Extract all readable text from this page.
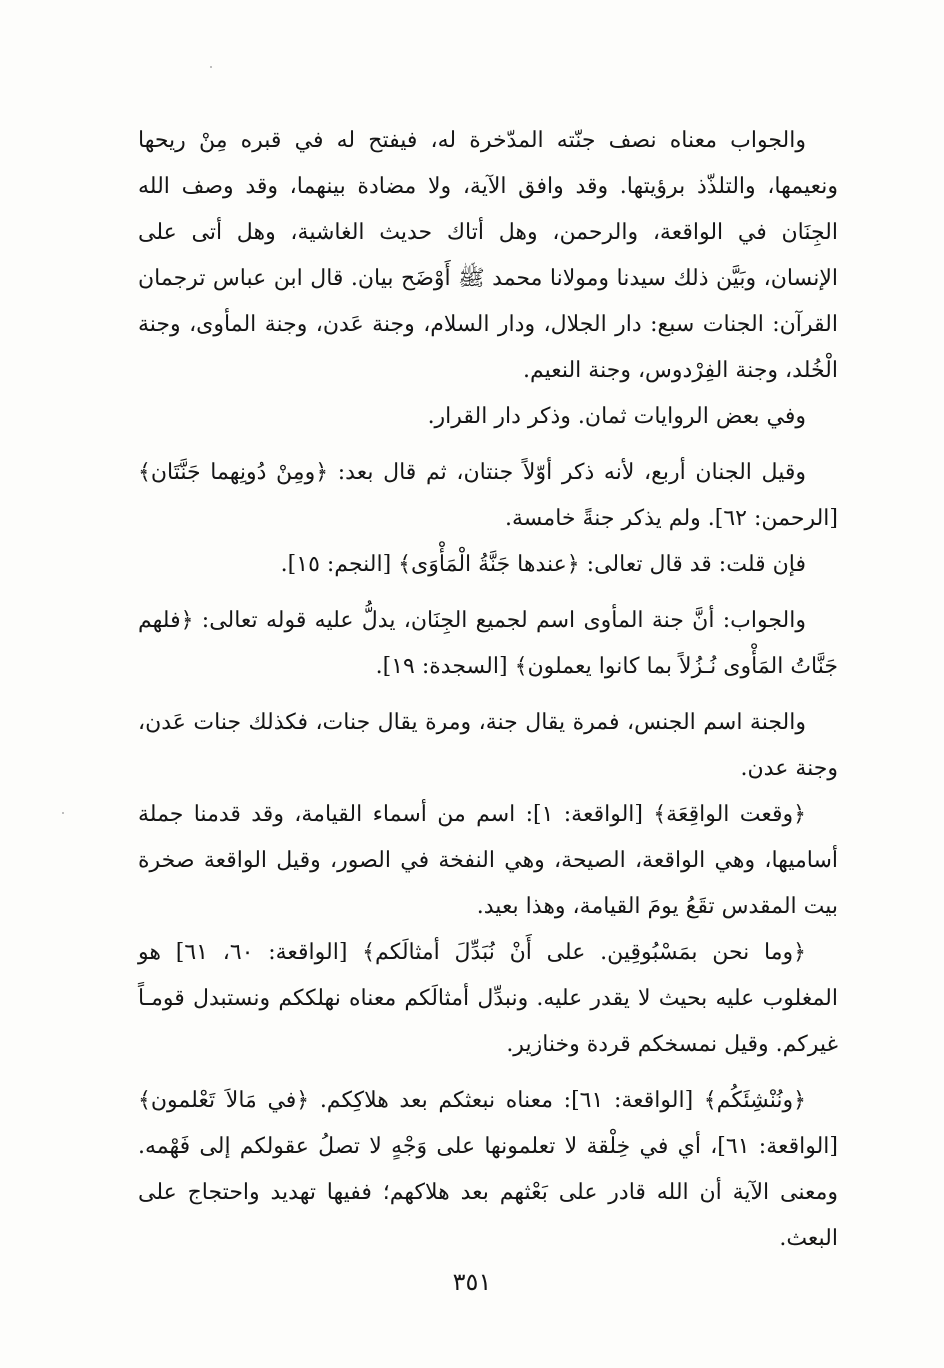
والجواب معناه نصف جنّته المدّخرة له، فيفتح له في قبره مِنْ ريحها ونعيمها، والتلذّذ برؤيتها. وقد وافق الآية، ولا مضادة بينهما، وقد وصف الله الجِنَان في الواقعة، والرحمن، وهل أتاك حديث الغاشية، وهل أتى على الإنسان، وبَيَّن ذلك سيدنا ومولانا محمد ﷺ أَوْضَح بيان. قال ابن عباس ترجمان القرآن: الجنات سبع: دار الجلال، ودار السلام، وجنة عَدن، وجنة المأوى، وجنة الْخُلد، وجنة الفِرْدوس، وجنة النعيم.

وفي بعض الروايات ثمان. وذكر دار القرار.

وقيل الجنان أربع، لأنه ذكر أوّلاً جنتان، ثم قال بعد: ﴿ومِنْ دُونِهما جَنَّتَان﴾ [الرحمن: ٦٢]. ولم يذكر جنةً خامسة.

فإن قلت: قد قال تعالى: ﴿عندها جَنَّةُ الْمَأْوَى﴾ [النجم: ١٥].

والجواب: أنَّ جنة المأوى اسم لجميع الجِنَان، يدلُّ عليه قوله تعالى: ﴿فلهم جَنَّاتُ المَأْوى نُـزُلاً بما كانوا يعملون﴾ [السجدة: ١٩].

والجنة اسم الجنس، فمرة يقال جنة، ومرة يقال جنات، فكذلك جنات عَدن، وجنة عدن.

﴿وقعت الواقِعَة﴾ [الواقعة: ١]: اسم من أسماء القيامة، وقد قدمنا جملة أساميها، وهي الواقعة، الصيحة، وهي النفخة في الصور، وقيل الواقعة صخرة بيت المقدس تقَعُ يومَ القيامة، وهذا بعيد.

﴿وما نحن بمَسْبُوقِين. على أَنْ نُبَدِّلَ أمثالَكم﴾ [الواقعة: ٦٠، ٦١] هو المغلوب عليه بحيث لا يقدر عليه. ونبدِّل أمثالَكم معناه نهلككم ونستبدل قومـاً غيركم. وقيل نمسخكم قردة وخنازير.

﴿ونُنْشِئَكُم﴾ [الواقعة: ٦١]: معناه نبعثكم بعد هلاكِكم. ﴿في مَالاَ تَعْلمون﴾ [الواقعة: ٦١]، أي في خِلْقة لا تعلمونها على وَجْهٍ لا تصلُ عقولكم إلى فَهْمه. ومعنى الآية أن الله قادر على بَعْثهم بعد هلاكهم؛ ففيها تهديد واحتجاج على البعث.

٣٥١
